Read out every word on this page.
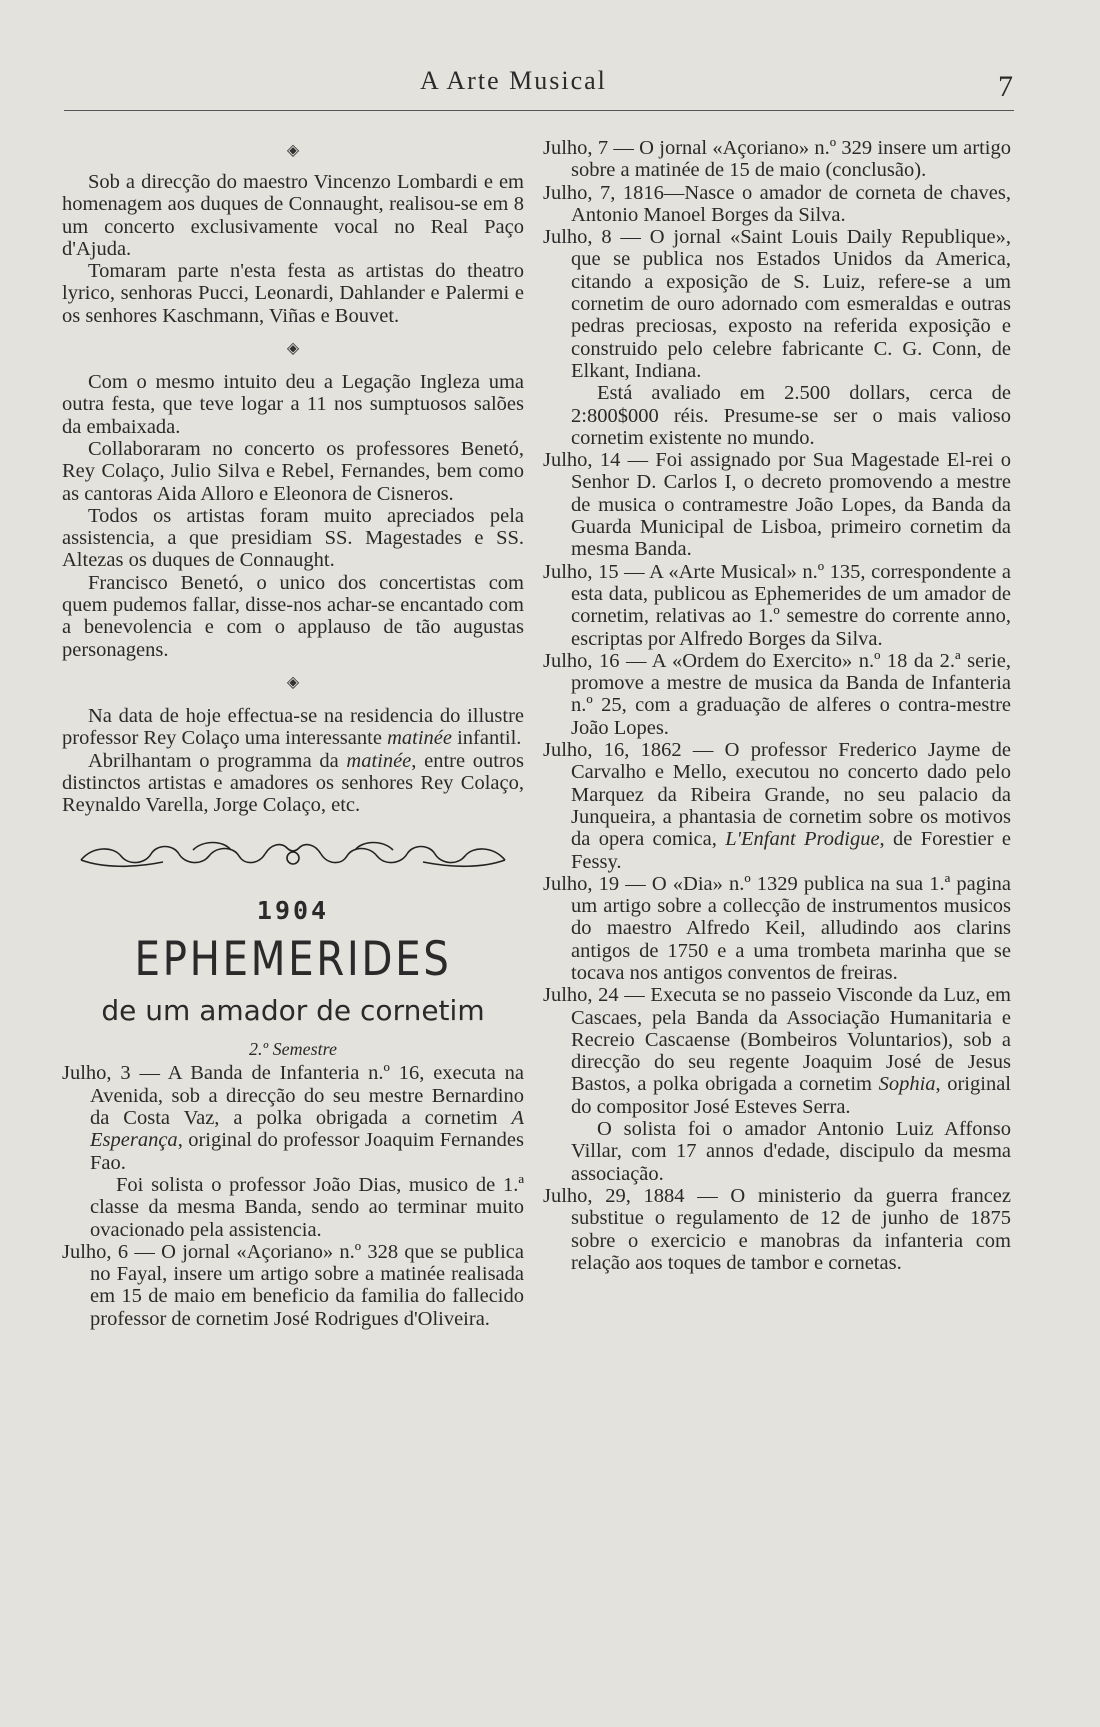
A Arte Musical	7
◈

Sob a direcção do maestro Vincenzo Lombardi e em homenagem aos duques de Connaught, realisou-se em 8 um concerto exclusivamente vocal no Real Paço d'Ajuda.

Tomaram parte n'esta festa as artistas do theatro lyrico, senhoras Pucci, Leonardi, Dahlander e Palermi e os senhores Kaschmann, Viñas e Bouvet.

◈

Com o mesmo intuito deu a Legação Ingleza uma outra festa, que teve logar a 11 nos sumptuosos salões da embaixada.

Collaboraram no concerto os professores Benetó, Rey Colaço, Julio Silva e Rebel, Fernandes, bem como as cantoras Aida Alloro e Eleonora de Cisneros.

Todos os artistas foram muito apreciados pela assistencia, a que presidiam SS. Magestades e SS. Altezas os duques de Connaught.

Francisco Benetó, o unico dos concertistas com quem pudemos fallar, disse-nos achar-se encantado com a benevolencia e com o applauso de tão augustas personagens.

◈

Na data de hoje effectua-se na residencia do illustre professor Rey Colaço uma interessante matinée infantil.

Abrilhantam o programma da matinée, entre outros distinctos artistas e amadores os senhores Rey Colaço, Reynaldo Varella, Jorge Colaço, etc.

1904
EPHEMERIDES
de um amador de cornetim
2.º Semestre

Julho, 3 — A Banda de Infanteria n.º 16, executa na Avenida, sob a direcção do seu mestre Bernardino da Costa Vaz, a polka obrigada a cornetim A Esperança, original do professor Joaquim Fernandes Fao.

Foi solista o professor João Dias, musico de 1.ª classe da mesma Banda, sendo ao terminar muito ovacionado pela assistencia.

Julho, 6 — O jornal «Açoriano» n.º 328 que se publica no Fayal, insere um artigo sobre a matinée realisada em 15 de maio em beneficio da familia do fallecido professor de cornetim José Rodrigues d'Oliveira.

Julho, 7 — O jornal «Açoriano» n.º 329 insere um artigo sobre a matinée de 15 de maio (conclusão).

Julho, 7, 1816—Nasce o amador de corneta de chaves, Antonio Manoel Borges da Silva.

Julho, 8 — O jornal «Saint Louis Daily Republique», que se publica nos Estados Unidos da America, citando a exposição de S. Luiz, refere-se a um cornetim de ouro adornado com esmeraldas e outras pedras preciosas, exposto na referida exposição e construido pelo celebre fabricante C. G. Conn, de Elkant, Indiana.

Está avaliado em 2.500 dollars, cerca de 2:800$000 réis. Presume-se ser o mais valioso cornetim existente no mundo.

Julho, 14 — Foi assignado por Sua Magestade El-rei o Senhor D. Carlos I, o decreto promovendo a mestre de musica o contramestre João Lopes, da Banda da Guarda Municipal de Lisboa, primeiro cornetim da mesma Banda.

Julho, 15 — A «Arte Musical» n.º 135, correspondente a esta data, publicou as Ephemerides de um amador de cornetim, relativas ao 1.º semestre do corrente anno, escriptas por Alfredo Borges da Silva.

Julho, 16 — A «Ordem do Exercito» n.º 18 da 2.ª serie, promove a mestre de musica da Banda de Infanteria n.º 25, com a graduação de alferes o contra-mestre João Lopes.

Julho, 16, 1862 — O professor Frederico Jayme de Carvalho e Mello, executou no concerto dado pelo Marquez da Ribeira Grande, no seu palacio da Junqueira, a phantasia de cornetim sobre os motivos da opera comica, L'Enfant Prodigue, de Forestier e Fessy.

Julho, 19 — O «Dia» n.º 1329 publica na sua 1.ª pagina um artigo sobre a collecção de instrumentos musicos do maestro Alfredo Keil, alludindo aos clarins antigos de 1750 e a uma trombeta marinha que se tocava nos antigos conventos de freiras.

Julho, 24 — Executa se no passeio Visconde da Luz, em Cascaes, pela Banda da Associação Humanitaria e Recreio Cascaense (Bombeiros Voluntarios), sob a direcção do seu regente Joaquim José de Jesus Bastos, a polka obrigada a cornetim Sophia, original do compositor José Esteves Serra.

O solista foi o amador Antonio Luiz Affonso Villar, com 17 annos d'edade, discipulo da mesma associação.

Julho, 29, 1884 — O ministerio da guerra francez substitue o regulamento de 12 de junho de 1875 sobre o exercicio e manobras da infanteria com relação aos toques de tambor e cornetas.
